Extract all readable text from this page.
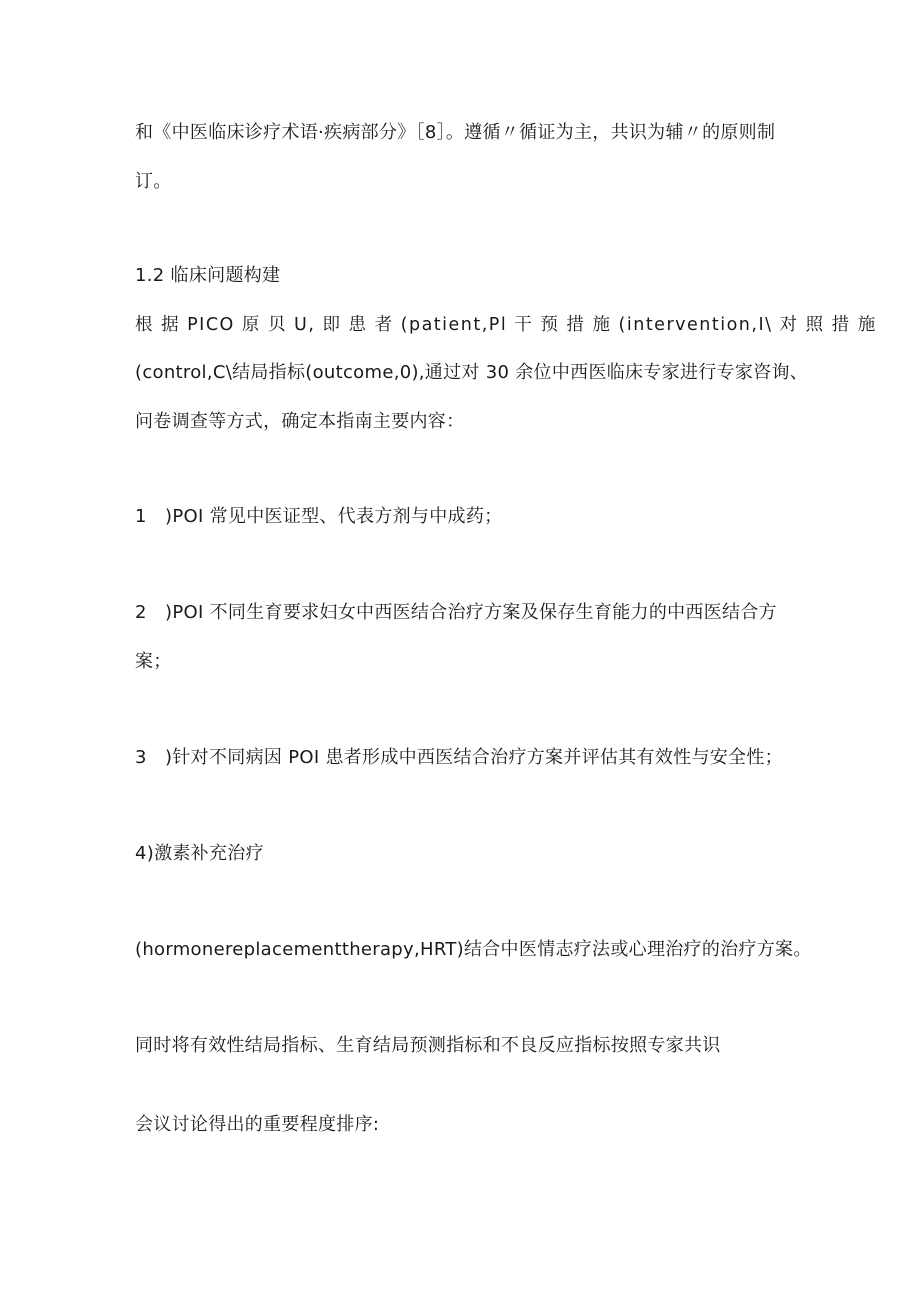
和《中医临床诊疗术语·疾病部分》［8］。遵循〃循证为主，共识为辅〃的原则制
订。
1.2 临床问题构建
根 据 PICO 原 贝 U, 即 患 者 (patient,Pl 干 预 措 施 (intervention,I\ 对 照 措 施
(control,C\结局指标(outcome,0),通过对 30 余位中西医临床专家进行专家咨询、
问卷调查等方式，确定本指南主要内容：
1　)POI 常见中医证型、代表方剂与中成药；
2　)POI 不同生育要求妇女中西医结合治疗方案及保存生育能力的中西医结合方
案；
3　)针对不同病因 POI 患者形成中西医结合治疗方案并评估其有效性与安全性；
4)激素补充治疗
(hormonereplacementtherapy,HRT)结合中医情志疗法或心理治疗的治疗方案。
同时将有效性结局指标、生育结局预测指标和不良反应指标按照专家共识
会议讨论得出的重要程度排序:
